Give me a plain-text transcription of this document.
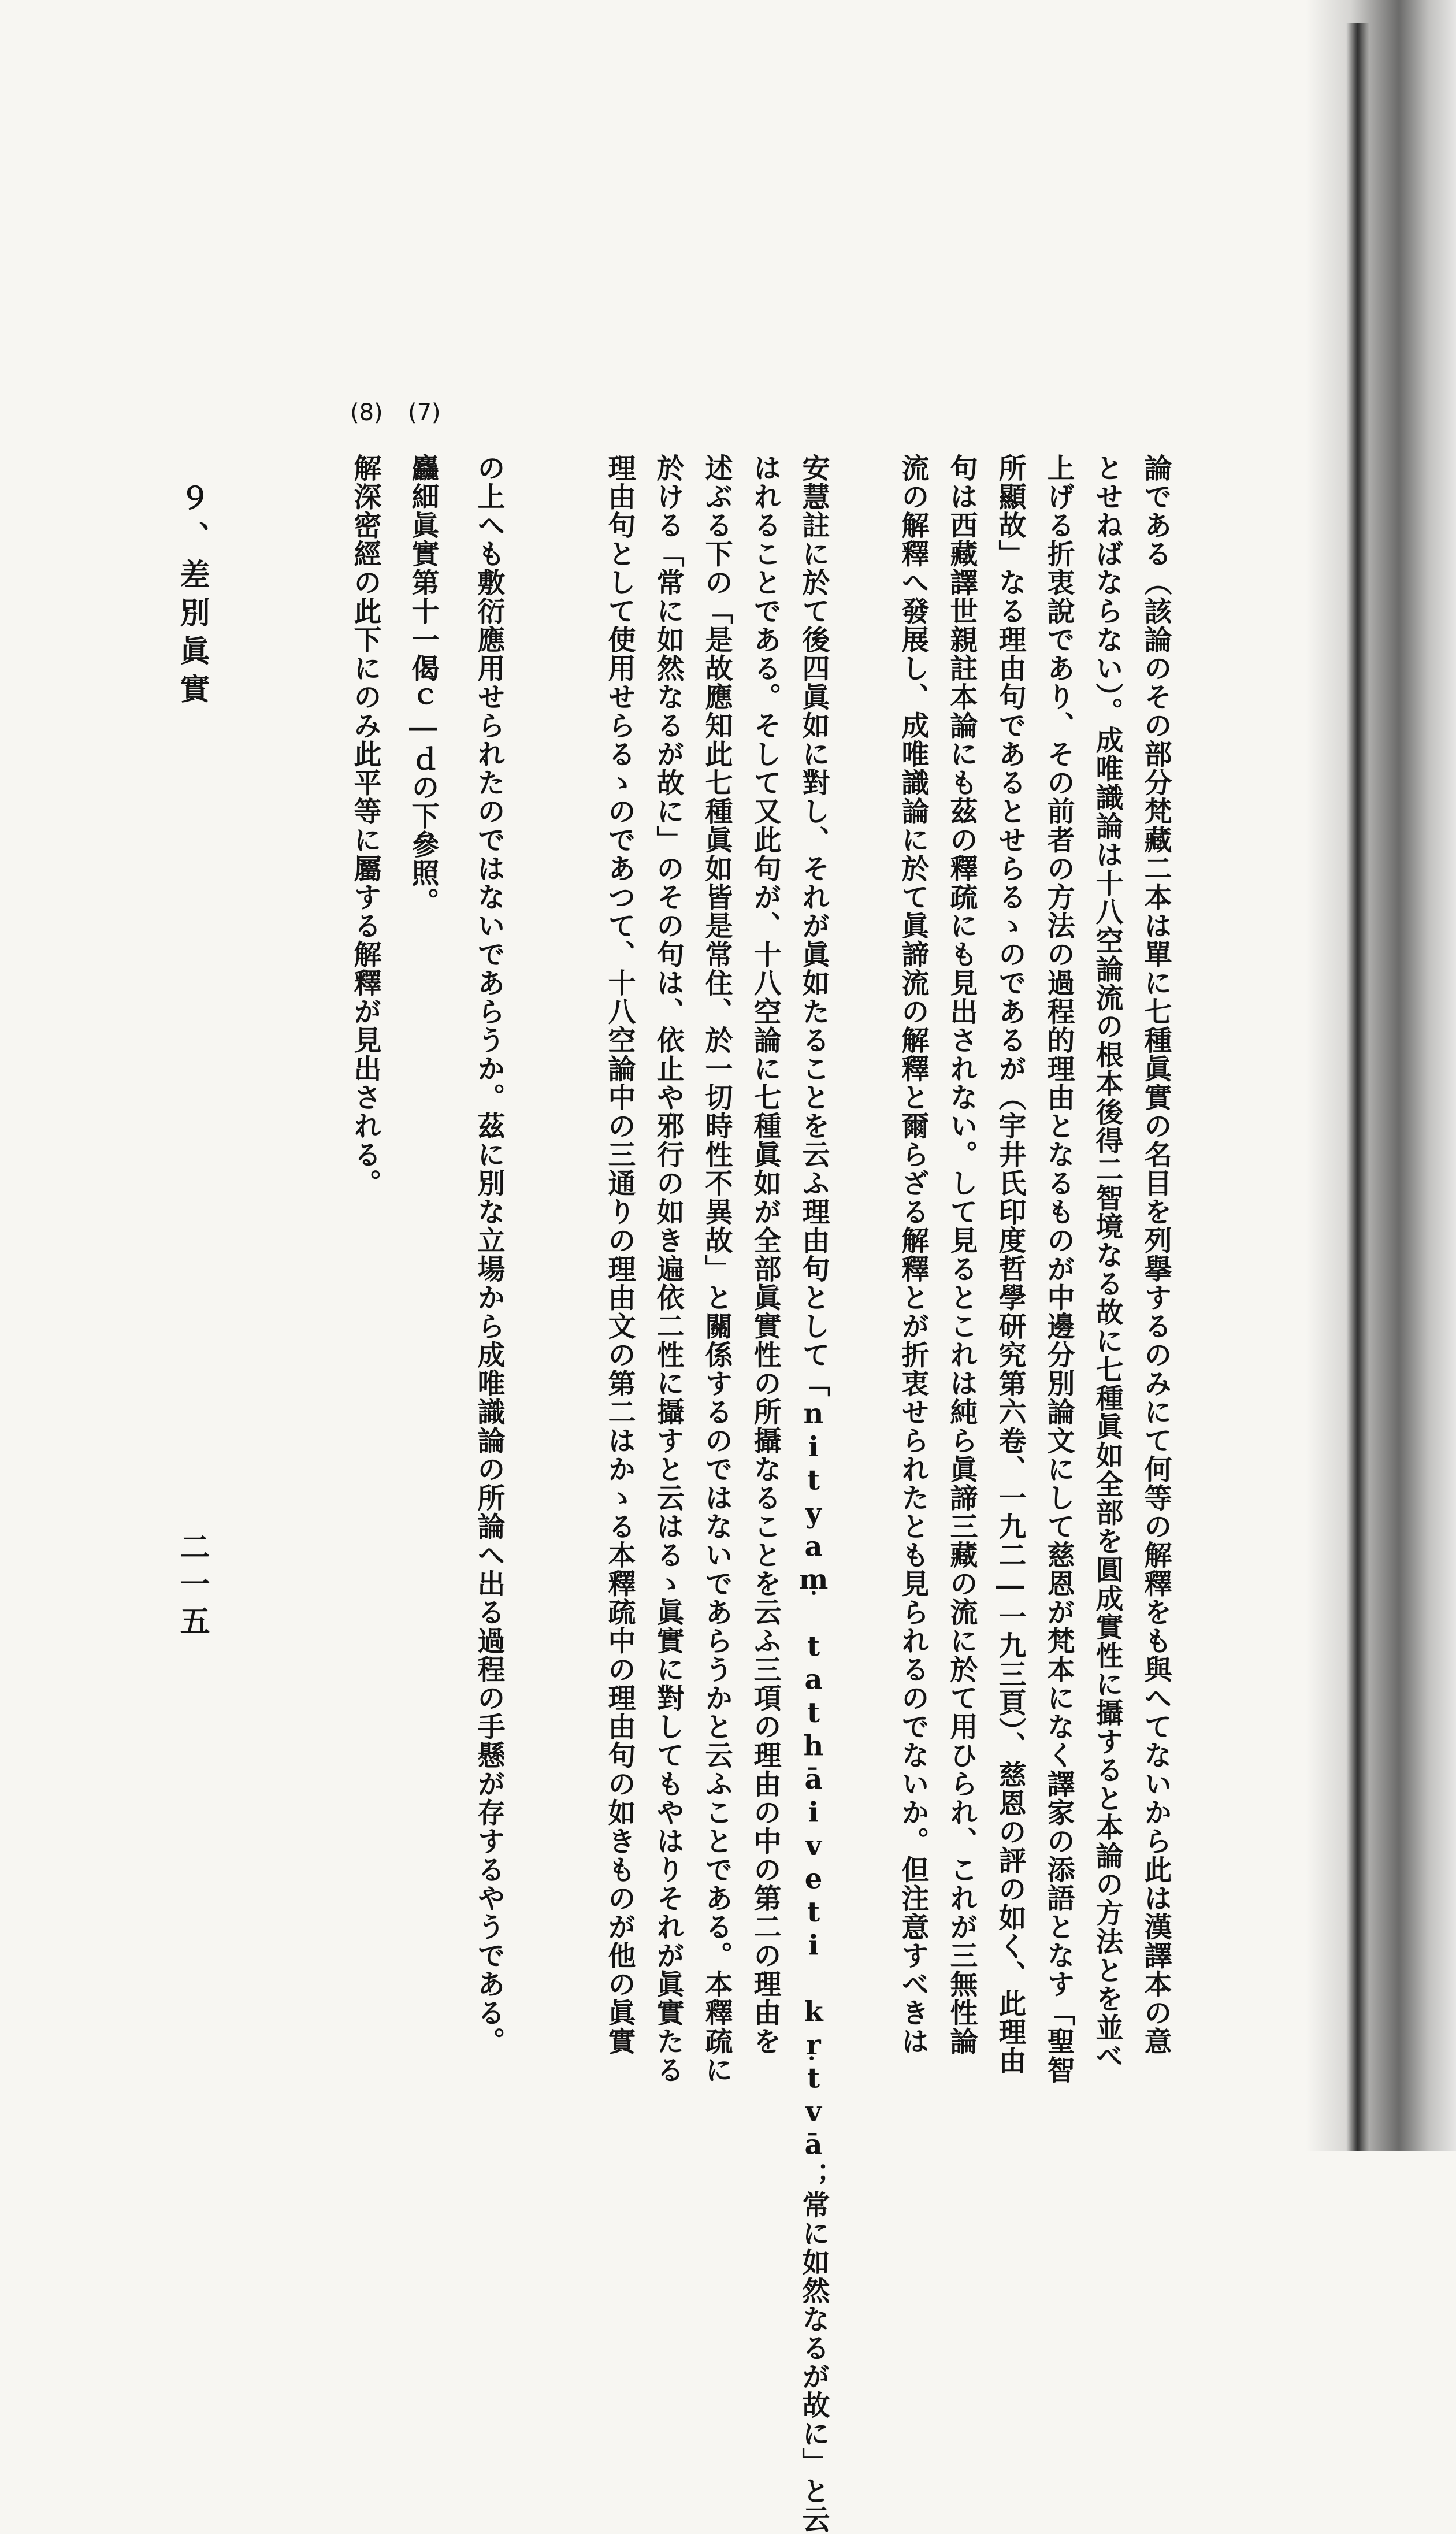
論である（該論のその部分梵藏二本は單に七種眞實の名目を列擧するのみにて何等の解釋をも與へてないから此は漢譯本の意
とせねばならない）。成唯識論は十八空論流の根本後得二智境なる故に七種眞如全部を圓成實性に攝すると本論の方法とを並べ
上げる折衷說であり、その前者の方法の過程的理由となるものが中邊分別論文にして慈恩が梵本になく譯家の添語となす「聖智
所顯故」なる理由句であるとせらるゝのであるが（宇井氏印度哲學研究第六卷、一九二―一九三頁）、慈恩の評の如く、此理由
句は西藏譯世親註本論にも茲の釋疏にも見出されない。して見るとこれは純ら眞諦三藏の流に於て用ひられ、これが三無性論
流の解釋へ發展し、成唯識論に於て眞諦流の解釋と爾らざる解釋とが折衷せられたとも見られるのでないか。但注意すべきは
安慧註に於て後四眞如に對し、それが眞如たることを云ふ理由句として「nityaṃ tathāiveti kṛtvā；常に如然なるが故に」と云
はれることである。そして又此句が、十八空論に七種眞如が全部眞實性の所攝なることを云ふ三項の理由の中の第二の理由を
述ぶる下の「是故應知此七種眞如皆是常住、於一切時性不異故」と關係するのではないであらうかと云ふことである。本釋疏に
於ける「常に如然なるが故に」のその句は、依止や邪行の如き遍依二性に攝すと云はるゝ眞實に對してもやはりそれが眞實たる
理由句として使用せらるゝのであつて、十八空論中の三通りの理由文の第二はかゝる本釋疏中の理由句の如きものが他の眞實
の上へも敷衍應用せられたのではないであらうか。茲に別な立場から成唯識論の所論へ出る過程の手懸が存するやうである。
(7)
麤細眞實第十一偈ｃ―ｄの下參照。
(8)
解深密經の此下にのみ此平等に屬する解釋が見出される。
９、差別眞實
二一五
